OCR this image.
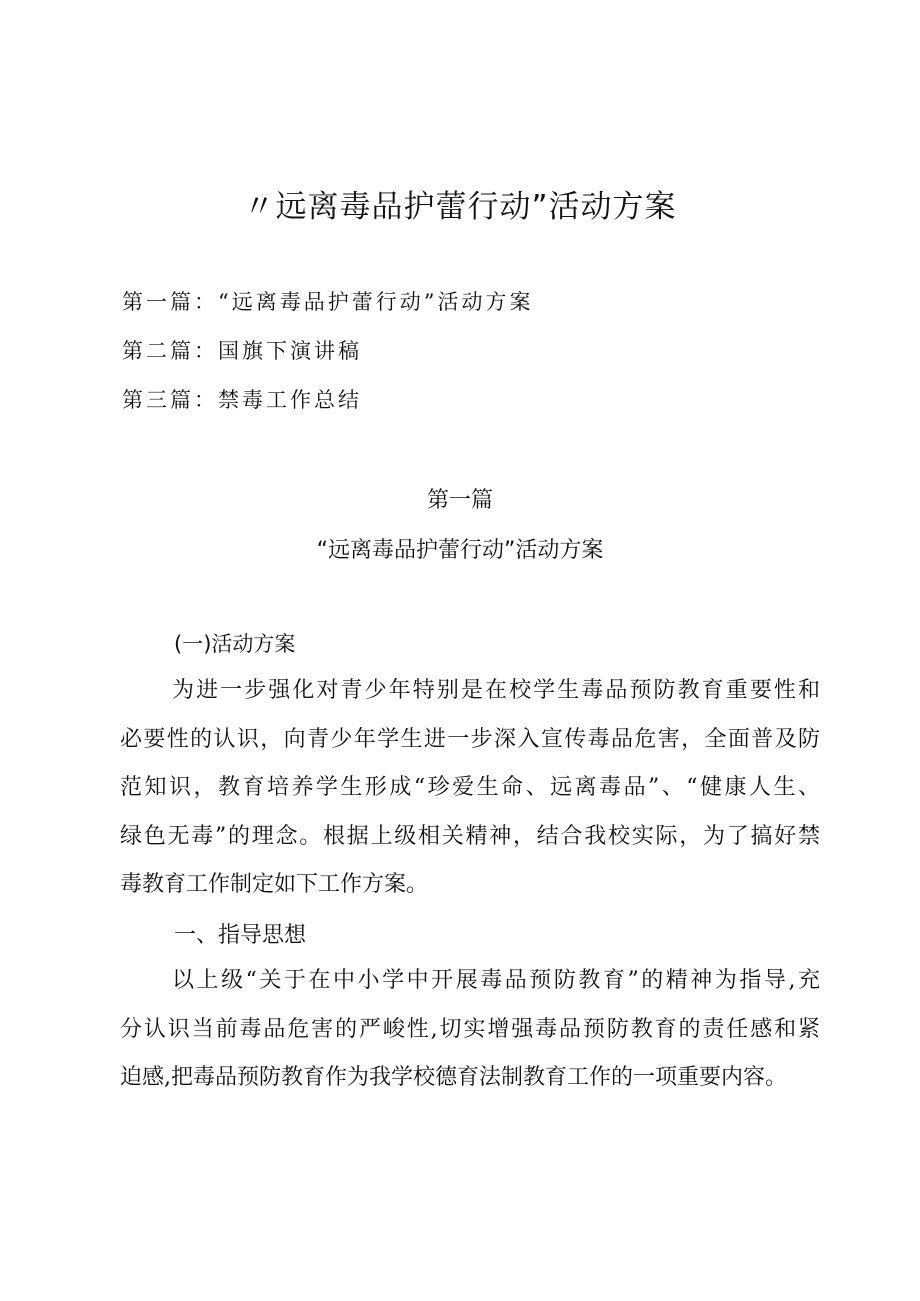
〃远离毒品护蕾行动”活动方案
第一篇：“远离毒品护蕾行动”活动方案
第二篇：国旗下演讲稿
第三篇：禁毒工作总结
第一篇
“远离毒品护蕾行动”活动方案
(一)活动方案
为进一步强化对青少年特别是在校学生毒品预防教育重要性和
必要性的认识，向青少年学生进一步深入宣传毒品危害，全面普及防
范知识，教育培养学生形成“珍爱生命、远离毒品”、“健康人生、
绿色无毒”的理念。根据上级相关精神，结合我校实际，为了搞好禁
毒教育工作制定如下工作方案。
一、指导思想
以上级“关于在中小学中开展毒品预防教育”的精神为指导,充
分认识当前毒品危害的严峻性,切实增强毒品预防教育的责任感和紧
迫感,把毒品预防教育作为我学校德育法制教育工作的一项重要内容。
